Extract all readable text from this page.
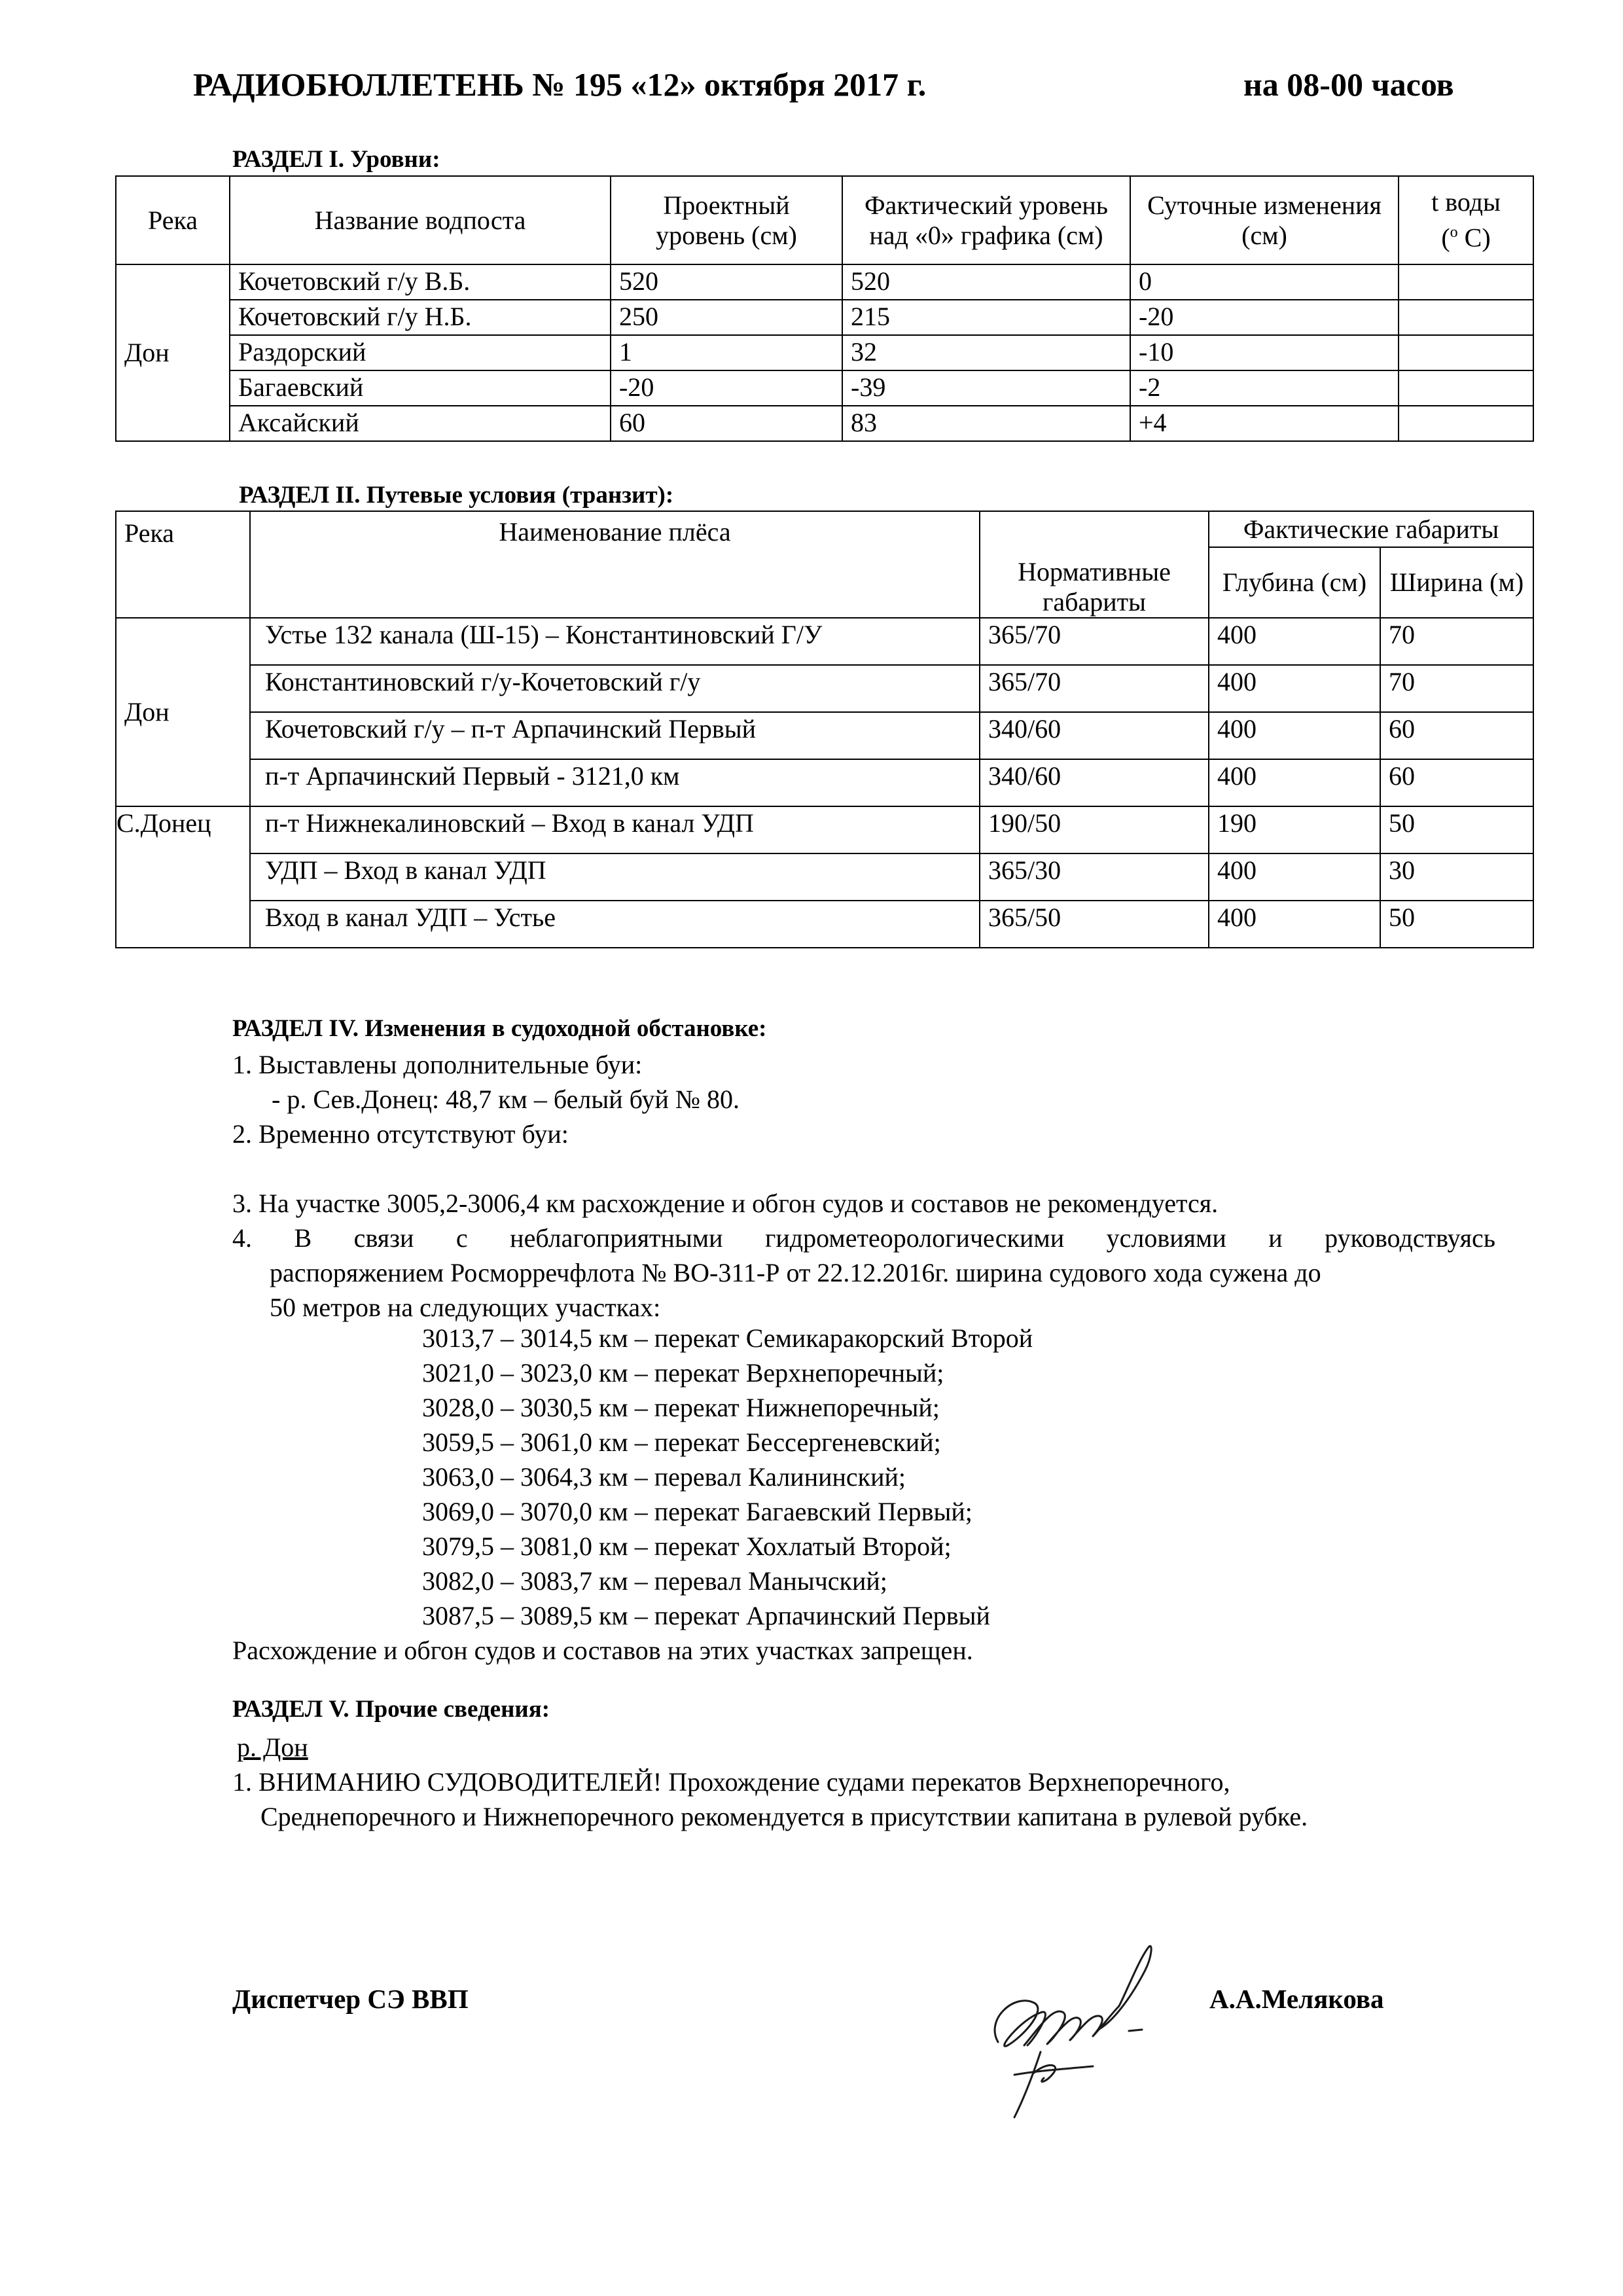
РАДИОБЮЛЛЕТЕНЬ № 195 «12» октября 2017 г.	на 08-00 часов
РАЗДЕЛ I. Уровни:
Река	Название водпоста	Проектный уровень (см)	Фактический уровень над «0» графика (см)	Суточные изменения (см)	t воды
($^o$ C)
Дон	Кочетовский г/у В.Б.	520	520	0	
	Кочетовский г/у Н.Б.	250	215	-20	
	Раздорский	1	32	-10	
	Багаевский	-20	-39	-2	
	Аксайский	60	83	+4	
РАЗДЕЛ II. Путевые условия (транзит):
Река	Наименование плёса	Нормативные габариты	Фактические габариты	
			Глубина (см)	Ширина (м)
Дон	Устье 132 канала (Ш-15) – Константиновский Г/У	365/70	400	70
	Константиновский г/у-Кочетовский г/у	365/70	400	70
	Кочетовский г/у – п-т Арпачинский Первый	340/60	400	60
	п-т Арпачинский Первый - 3121,0 км	340/60	400	60
С.Донец	п-т Нижнекалиновский – Вход в канал УДП	190/50	190	50
	УДП – Вход в канал УДП	365/30	400	30
	Вход в канал УДП – Устье	365/50	400	50
РАЗДЕЛ IV. Изменения в судоходной обстановке:
1. Выставлены дополнительные буи:
- р. Сев.Донец: 48,7 км – белый буй № 80.
2. Временно отсутствуют буи:
3. На участке 3005,2-3006,4 км расхождение и обгон судов и составов не рекомендуется.
4. В связи с неблагоприятными гидрометеорологическими условиями и руководствуясь
распоряжением Росморречфлота № ВО-311-Р от 22.12.2016г. ширина судового хода сужена до
50 метров на следующих участках:
3013,7 – 3014,5 км – перекат Семикаракорский Второй
3021,0 – 3023,0 км – перекат Верхнепоречный;
3028,0 – 3030,5 км – перекат Нижнепоречный;
3059,5 – 3061,0 км – перекат Бессергеневский;
3063,0 – 3064,3 км – перевал Калининский;
3069,0 – 3070,0 км – перекат Багаевский Первый;
3079,5 – 3081,0 км – перекат Хохлатый Второй;
3082,0 – 3083,7 км – перевал Манычский;
3087,5 – 3089,5 км – перекат Арпачинский Первый
Расхождение и обгон судов и составов на этих участках запрещен.
РАЗДЕЛ V. Прочие сведения:
р. Дон
1. ВНИМАНИЮ СУДОВОДИТЕЛЕЙ! Прохождение судами перекатов Верхнепоречного,
Среднепоречного и Нижнепоречного рекомендуется в присутствии капитана в рулевой рубке.
Диспетчер СЭ ВВП	А.А.Мелякова
